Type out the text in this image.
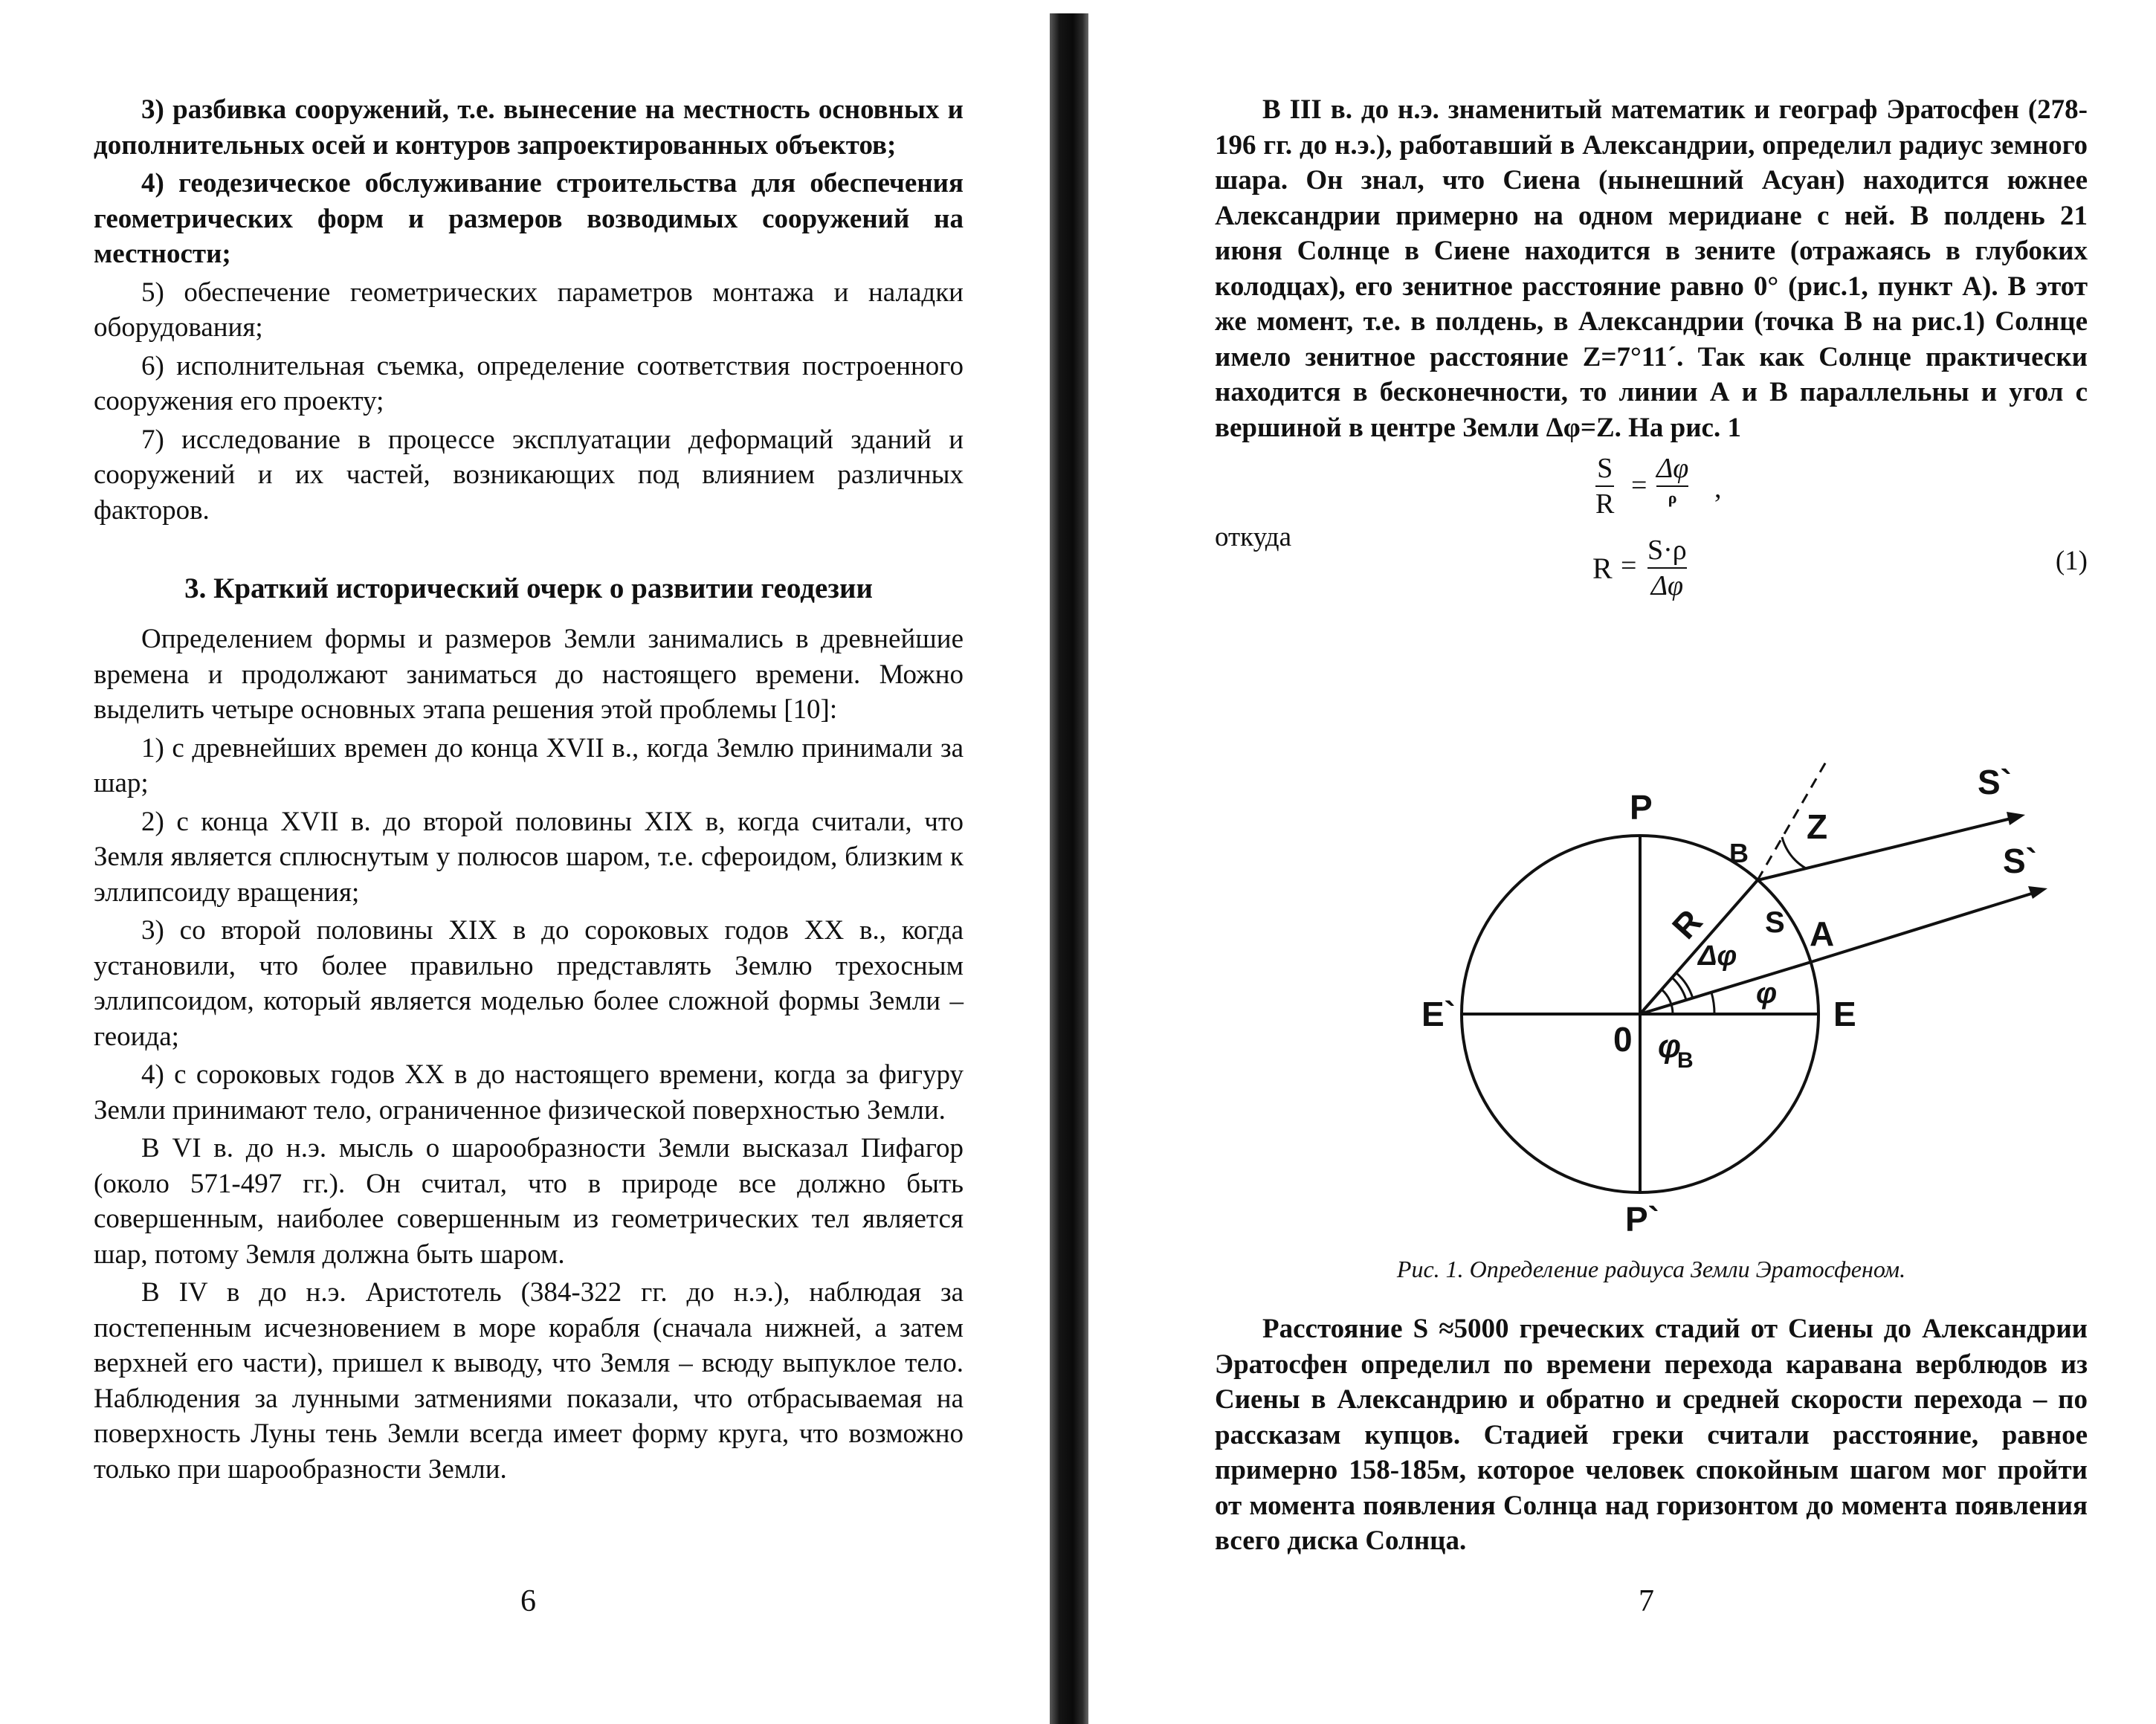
3) разбивка сооружений, т.е. вынесение на местность основных и дополнительных осей и контуров запроектированных объектов;

4) геодезическое обслуживание строительства для обеспечения геометрических форм и размеров возводимых сооружений на местности;

5) обеспечение геометрических параметров монтажа и наладки оборудования;

6) исполнительная съемка, определение соответствия построенного сооружения его проекту;

7) исследование в процессе эксплуатации деформаций зданий и сооружений и их частей, возникающих под влиянием различных факторов.

3. Краткий исторический очерк о развитии геодезии

Определением формы и размеров Земли занимались в древнейшие времена и продолжают заниматься до настоящего времени. Можно выделить четыре основных этапа решения этой проблемы [10]:

1) с древнейших времен до конца XVII в., когда Землю принимали за шар;

2) с конца XVII в. до второй половины XIX в, когда считали, что Земля является сплюснутым у полюсов шаром, т.е. сфероидом, близким к эллипсоиду вращения;

3) со второй половины XIX в до сороковых годов XX в., когда установили, что более правильно представлять Землю трехосным эллипсоидом, который является моделью более сложной формы Земли – геоида;

4) с сороковых годов XX в до настоящего времени, когда за фигуру Земли принимают тело, ограниченное физической поверхностью Земли.

В VI в. до н.э. мысль о шарообразности Земли высказал Пифагор (около 571-497 гг.). Он считал, что в природе все должно быть совершенным, наиболее совершенным из геометрических тел является шар, потому Земля должна быть шаром.

В IV в до н.э. Аристотель (384-322 гг. до н.э.), наблюдая за постепенным исчезновением в море корабля (сначала нижней, а затем верхней его части), пришел к выводу, что Земля – всюду выпуклое тело. Наблюдения за лунными затмениями показали, что отбрасываемая на поверхность Луны тень Земли всегда имеет форму круга, что возможно только при шарообразности Земли.

6

В III в. до н.э. знаменитый математик и географ Эратосфен (278-196 гг. до н.э.), работавший в Александрии, определил радиус земного шара. Он знал, что Сиена (нынешний Асуан) находится южнее Александрии примерно на одном меридиане с ней. В полдень 21 июня Солнце в Сиене находится в зените (отражаясь в глубоких колодцах), его зенитное расстояние равно 0° (рис.1, пункт А). В этот же момент, т.е. в полдень, в Александрии (точка В на рис.1) Солнце имело зенитное расстояние Z=7°11´. Так как Солнце практически находится в бесконечности, то линии А и В параллельны и угол с вершиной в центре Земли Δφ=Z. На рис. 1

S
R
=
Δφ
ρ ,
откуда
R = S·ρ
Δφ
(1)
P
P`
E
E`
0
A
B
R S
Z
Δφ
φ
φ
B
S`
S`
Рис. 1. Определение радиуса Земли Эратосфеном.

Расстояние S ≈5000 греческих стадий от Сиены до Александрии Эратосфен определил по времени перехода каравана верблюдов из Сиены в Александрию и обратно и средней скорости перехода – по рассказам купцов. Стадией греки считали расстояние, равное примерно 158-185м, которое человек спокойным шагом мог пройти от момента появления Солнца над горизонтом до момента появления всего диска Солнца.

7
